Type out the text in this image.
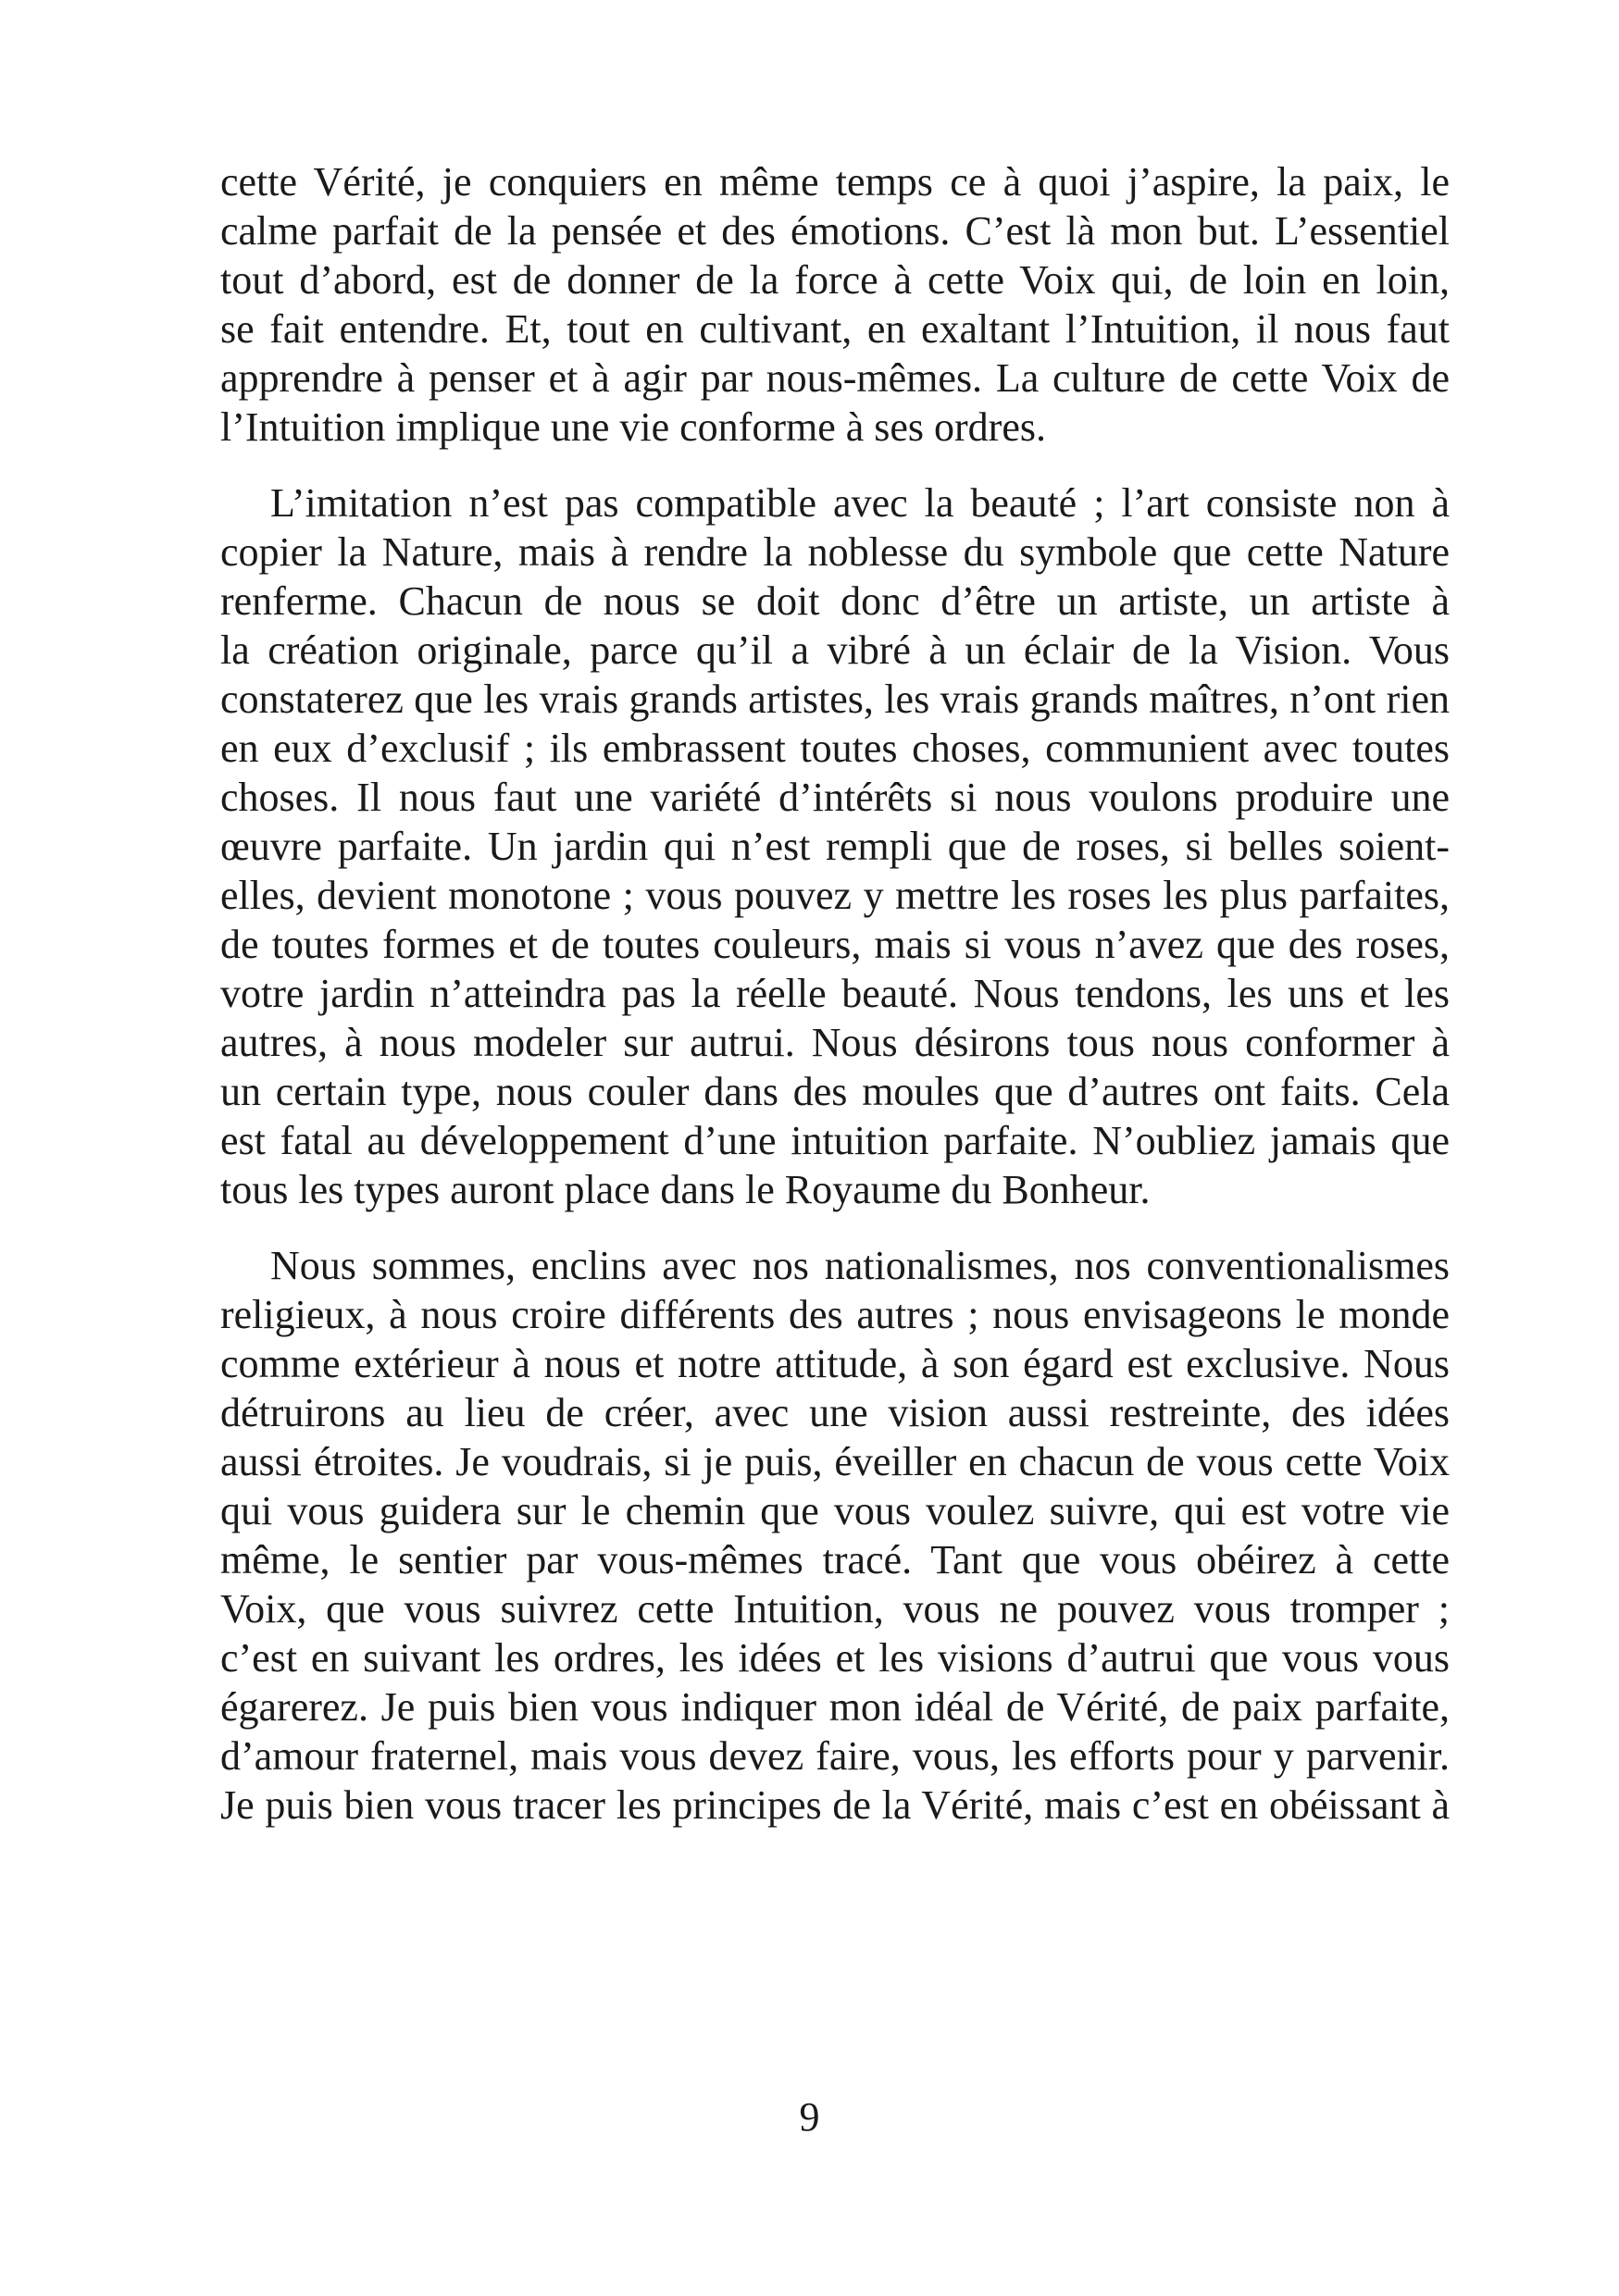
cette Vérité, je conquiers en même temps ce à quoi j’aspire, la paix, le
calme parfait de la pensée et des émotions. C’est là mon but. L’essentiel
tout d’abord, est de donner de la force à cette Voix qui, de loin en loin,
se fait entendre. Et, tout en cultivant, en exaltant l’Intuition, il nous faut
apprendre à penser et à agir par nous-mêmes. La culture de cette Voix de
l’Intuition implique une vie conforme à ses ordres.
L’imitation n’est pas compatible avec la beauté ; l’art consiste non à
copier la Nature, mais à rendre la noblesse du symbole que cette Nature
renferme. Chacun de nous se doit donc d’être un artiste, un artiste à
la création originale, parce qu’il a vibré à un éclair de la Vision. Vous
constaterez que les vrais grands artistes, les vrais grands maîtres, n’ont rien
en eux d’exclusif ; ils embrassent toutes choses, communient avec toutes
choses. Il nous faut une variété d’intérêts si nous voulons produire une
œuvre parfaite. Un jardin qui n’est rempli que de roses, si belles soient-
elles, devient monotone ; vous pouvez y mettre les roses les plus parfaites,
de toutes formes et de toutes couleurs, mais si vous n’avez que des roses,
votre jardin n’atteindra pas la réelle beauté. Nous tendons, les uns et les
autres, à nous modeler sur autrui. Nous désirons tous nous conformer à
un certain type, nous couler dans des moules que d’autres ont faits. Cela
est fatal au développement d’une intuition parfaite. N’oubliez jamais que
tous les types auront place dans le Royaume du Bonheur.
Nous sommes, enclins avec nos nationalismes, nos conventionalismes
religieux, à nous croire différents des autres ; nous envisageons le monde
comme extérieur à nous et notre attitude, à son égard est exclusive. Nous
détruirons au lieu de créer, avec une vision aussi restreinte, des idées
aussi étroites. Je voudrais, si je puis, éveiller en chacun de vous cette Voix
qui vous guidera sur le chemin que vous voulez suivre, qui est votre vie
même, le sentier par vous-mêmes tracé. Tant que vous obéirez à cette
Voix, que vous suivrez cette Intuition, vous ne pouvez vous tromper ;
c’est en suivant les ordres, les idées et les visions d’autrui que vous vous
égarerez. Je puis bien vous indiquer mon idéal de Vérité, de paix parfaite,
d’amour fraternel, mais vous devez faire, vous, les efforts pour y parvenir.
Je puis bien vous tracer les principes de la Vérité, mais c’est en obéissant à
9
